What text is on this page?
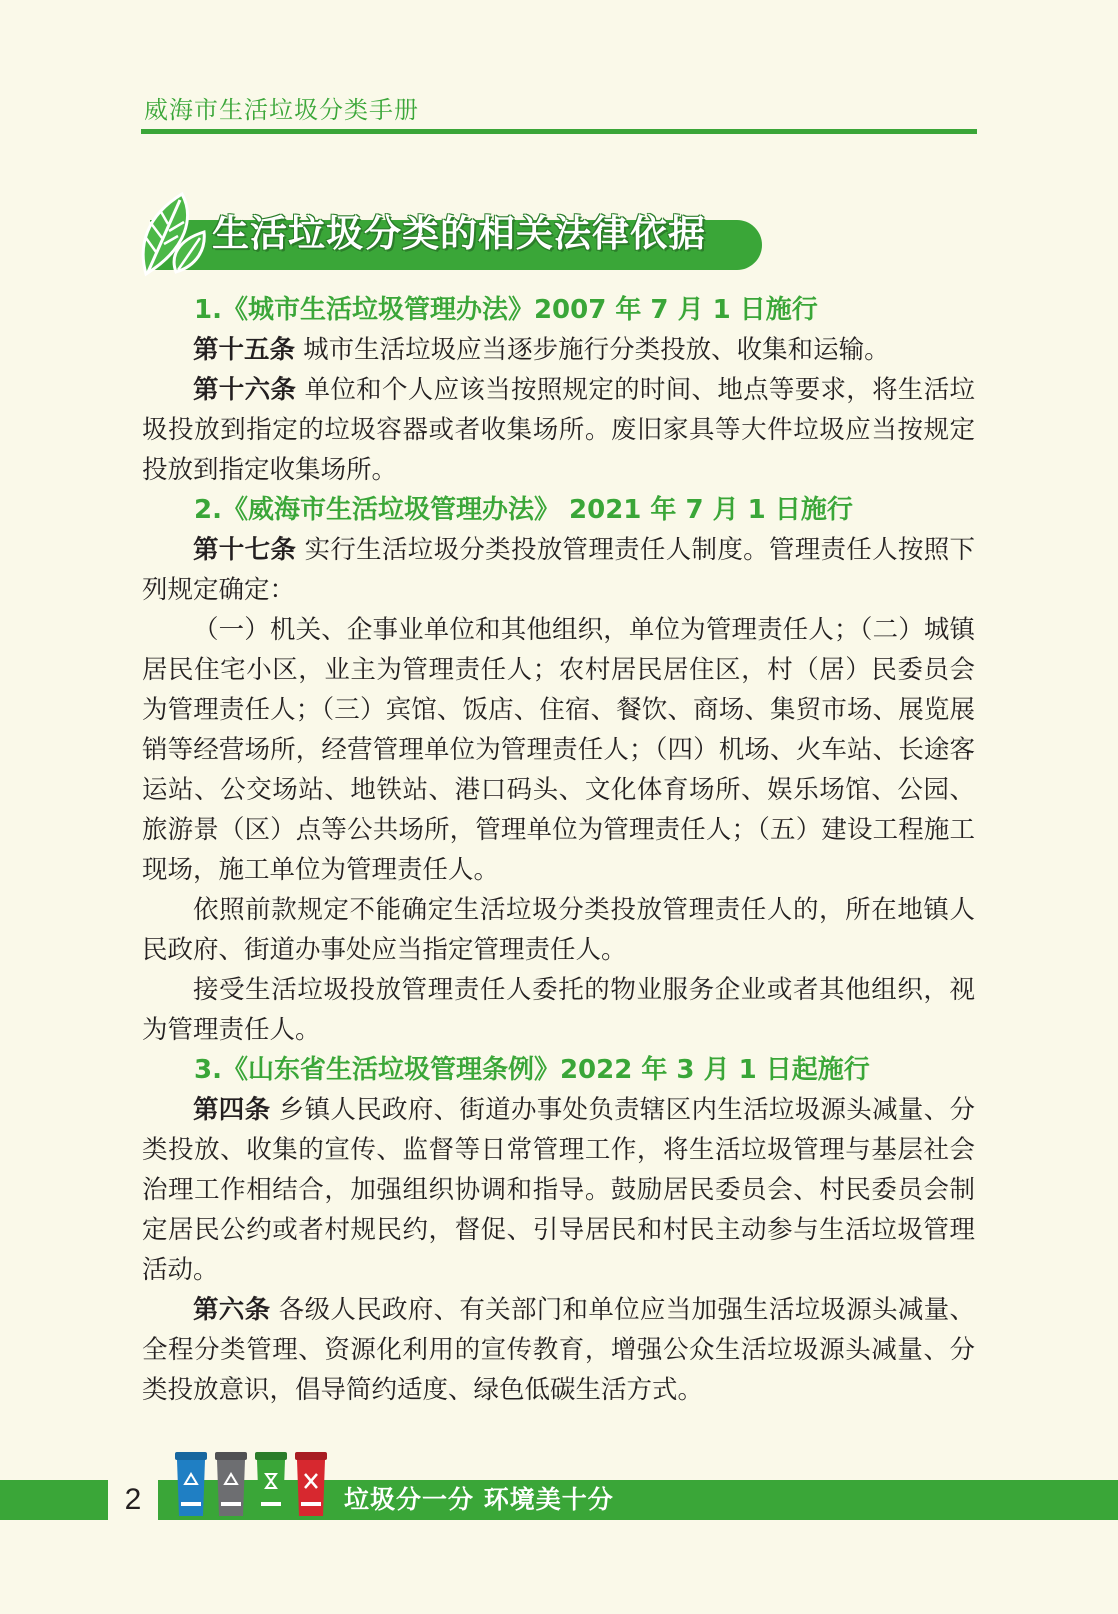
威海市生活垃圾分类手册
生活垃圾分类的相关法律依据

1.《城市生活垃圾管理办法》2007 年 7 月 1 日施行

第十五条 城市生活垃圾应当逐步施行分类投放、收集和运输。

第十六条 单位和个人应该当按照规定的时间、地点等要求，将生活垃圾投放到指定的垃圾容器或者收集场所。废旧家具等大件垃圾应当按规定投放到指定收集场所。

2.《威海市生活垃圾管理办法》 2021 年 7 月 1 日施行

第十七条 实行生活垃圾分类投放管理责任人制度。管理责任人按照下列规定确定：

（一）机关、企事业单位和其他组织，单位为管理责任人；（二）城镇居民住宅小区，业主为管理责任人；农村居民居住区，村（居）民委员会为管理责任人；（三）宾馆、饭店、住宿、餐饮、商场、集贸市场、展览展销等经营场所，经营管理单位为管理责任人；（四）机场、火车站、长途客运站、公交场站、地铁站、港口码头、文化体育场所、娱乐场馆、公园、旅游景（区）点等公共场所，管理单位为管理责任人；（五）建设工程施工现场，施工单位为管理责任人。

依照前款规定不能确定生活垃圾分类投放管理责任人的，所在地镇人民政府、街道办事处应当指定管理责任人。

接受生活垃圾投放管理责任人委托的物业服务企业或者其他组织，视为管理责任人。

3.《山东省生活垃圾管理条例》2022 年 3 月 1 日起施行

第四条 乡镇人民政府、街道办事处负责辖区内生活垃圾源头减量、分类投放、收集的宣传、监督等日常管理工作，将生活垃圾管理与基层社会治理工作相结合，加强组织协调和指导。鼓励居民委员会、村民委员会制定居民公约或者村规民约，督促、引导居民和村民主动参与生活垃圾管理活动。

第六条 各级人民政府、有关部门和单位应当加强生活垃圾源头减量、全程分类管理、资源化利用的宣传教育，增强公众生活垃圾源头减量、分类投放意识，倡导简约适度、绿色低碳生活方式。

2	垃圾分一分 环境美十分
